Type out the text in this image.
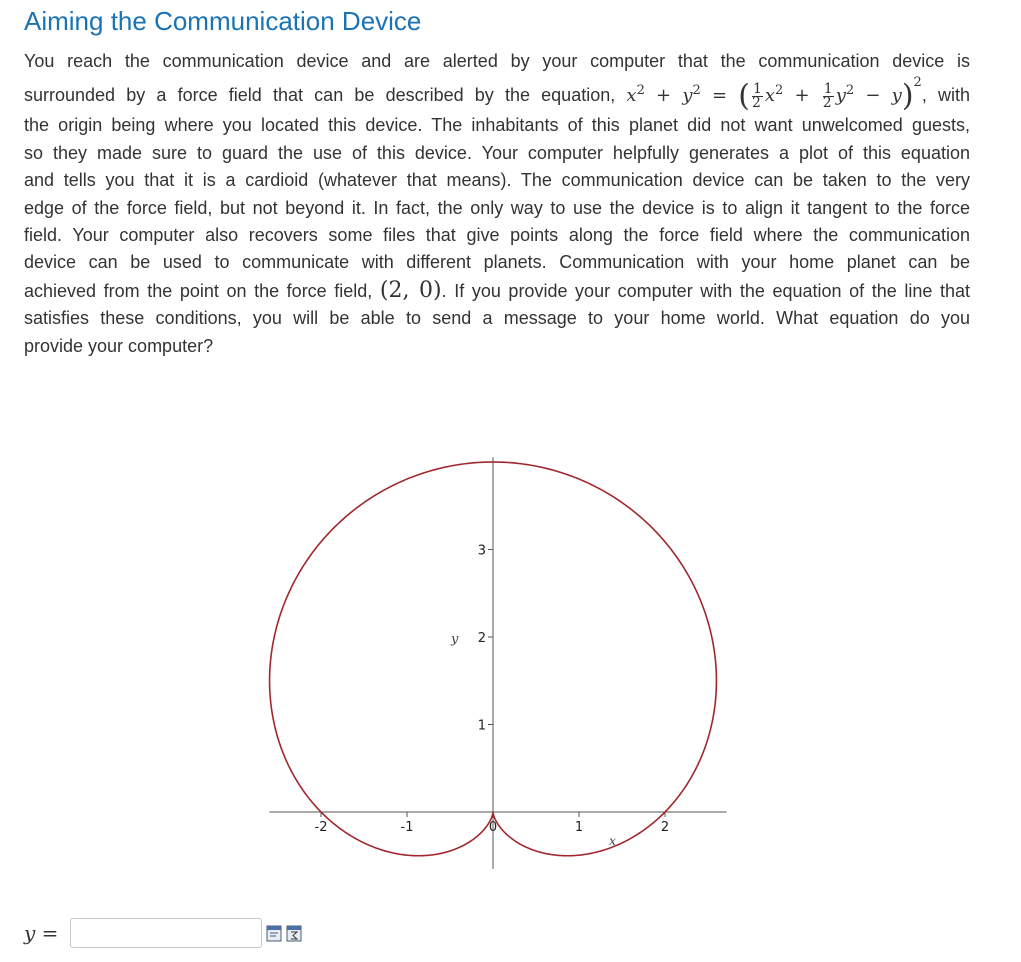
Aiming the Communication Device
You reach the communication device and are alerted by your computer that the communication device is
surrounded by a force field that can be described by the equation, $x^2 + y^2$ = ( $\frac{1}{2} x^2 + \frac{1}{2} y^2 - y)^2$, with
the origin being where you located this device. The inhabitants of this planet did not want unwelcomed guests,
so they made sure to guard the use of this device. Your computer helpfully generates a plot of this equation
and tells you that it is a cardioid (whatever that means). The communication device can be taken to the very
edge of the force field, but not beyond it. In fact, the only way to use the device is to align it tangent to the force
field. Your computer also recovers some files that give points along the force field where the communication
device can be used to communicate with different planets. Communication with your home planet can be
achieved from the point on the force field, (2, 0). If you provide your computer with the equation of the line that
satisfies these conditions, you will be able to send a message to your home world. What equation do you
provide your computer?
-2	-1	0	1	2
1
2
3
x
y
y =
